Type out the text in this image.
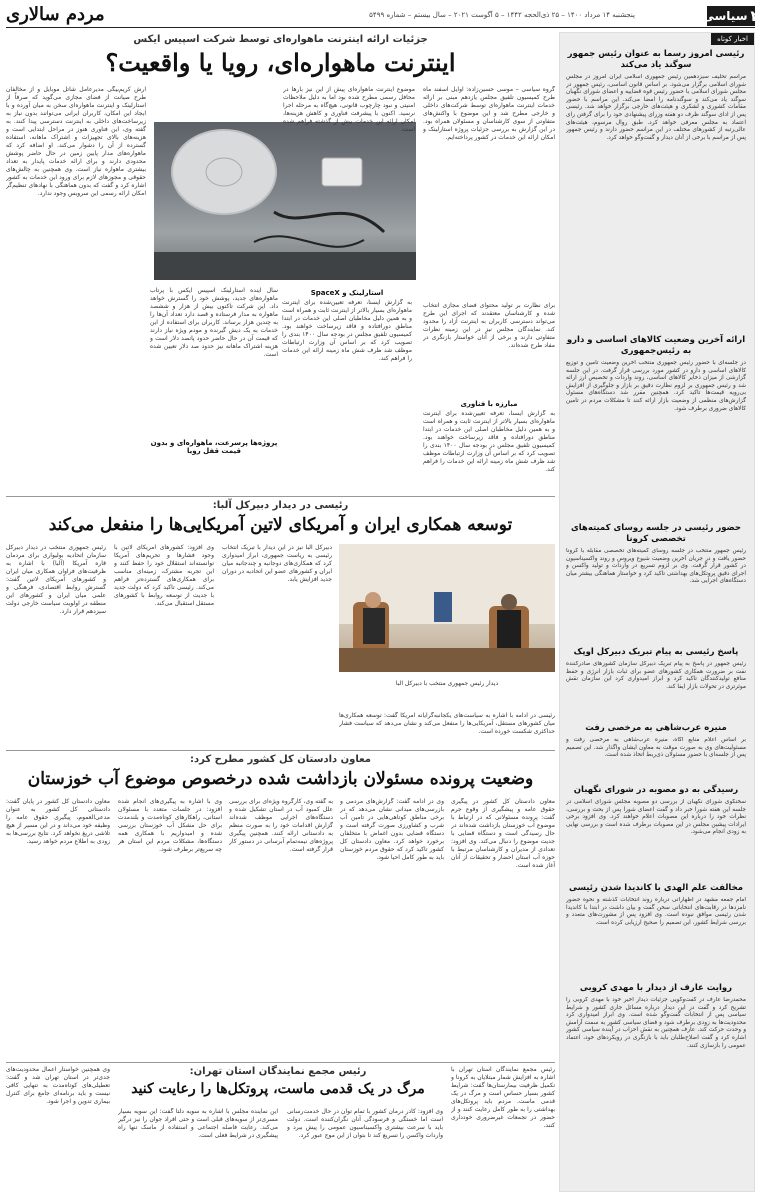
۲
سیاسی
پنجشنبه ۱۴ مرداد ۱۴۰۰ – ۲۵ ذی‌الحجه ۱۴۴۲ – ۵ آگوست ۲۰۲۱ – سال بیستم – شماره ۵۴۹۹
مردم سالاری
اخبار کوتاه
رئیسی امروز رسما به عنوان رئیس جمهور سوگند یاد می‌کند
مراسم تحلیف سیزدهمین رئیس جمهوری اسلامی ایران امروز در مجلس شورای اسلامی برگزار می‌شود. بر اساس قانون اساسی، رئیس جمهور در مجلس شورای اسلامی با حضور رئیس قوه قضاییه و اعضای شورای نگهبان سوگند یاد می‌کند و سوگندنامه را امضا می‌کند. این مراسم با حضور مقامات کشوری و لشکری و هیئت‌های خارجی برگزار خواهد شد. رئیسی پس از ادای سوگند ظرف دو هفته وزرای پیشنهادی خود را برای گرفتن رای اعتماد به مجلس معرفی خواهد کرد. طبق روال مرسوم، هیئت‌های عالی‌رتبه از کشورهای مختلف در این مراسم حضور دارند و رئیس جمهور پس از مراسم با برخی از آنان دیدار و گفت‌وگو خواهد کرد.
ارائه آخرین وضعیت کالاهای اساسی و دارو به رئیس‌جمهوری
در جلسه‌ای با حضور رئیس جمهوری منتخب آخرین وضعیت تامین و توزیع کالاهای اساسی و دارو در کشور مورد بررسی قرار گرفت. در این جلسه گزارشی از میزان ذخایر کالاهای اساسی، روند واردات و تخصیص ارز ارائه شد و رئیس جمهوری بر لزوم نظارت دقیق بر بازار و جلوگیری از افزایش بی‌رویه قیمت‌ها تاکید کرد. همچنین مقرر شد دستگاه‌های مسئول گزارش‌های منظمی از وضعیت بازار ارائه کنند تا مشکلات مردم در تامین کالاهای ضروری برطرف شود.
حضور رئیسی در جلسه روسای کمیته‌های تخصصی کرونا
رئیس جمهور منتخب در جلسه روسای کمیته‌های تخصصی مقابله با کرونا حضور یافت و در جریان آخرین وضعیت شیوع ویروس و روند واکسیناسیون در کشور قرار گرفت. وی بر لزوم تسریع در واردات و تولید واکسن و اجرای دقیق پروتکل‌های بهداشتی تاکید کرد و خواستار هماهنگی بیشتر میان دستگاه‌های اجرایی شد.
پاسخ رئیسی به پیام تبریک دبیرکل اوپک
رئیس جمهور در پاسخ به پیام تبریک دبیرکل سازمان کشورهای صادرکننده نفت بر ضرورت همکاری کشورهای عضو برای ثبات بازار انرژی و حفظ منافع تولیدکنندگان تاکید کرد و ابراز امیدواری کرد این سازمان نقش موثرتری در تحولات بازار ایفا کند.
منیره عرب‌شاهی به مرخصی رفت
بر اساس اعلام منابع آگاه، منیره عرب‌شاهی به مرخصی رفت و مسئولیت‌های وی به صورت موقت به معاون ایشان واگذار شد. این تصمیم پس از جلسه‌ای با حضور مسئولان ذی‌ربط اتخاذ شده است.
رسیدگی به دو مصوبه در شورای نگهبان
سخنگوی شورای نگهبان از بررسی دو مصوبه مجلس شورای اسلامی در جلسه این هفته شورا خبر داد و گفت اعضای شورا پس از بحث و بررسی، نظرات خود را درباره این مصوبات اعلام خواهند کرد. وی افزود برخی ایرادات پیشین مجلس در این مصوبات برطرف شده است و بررسی نهایی به زودی انجام می‌شود.
مخالفت علم الهدی با کاندیدا شدن رئیسی
امام جمعه مشهد در اظهاراتی درباره روند انتخابات گذشته و نحوه حضور نامزدها در رقابت‌های انتخاباتی سخن گفت و بیان داشت در ابتدا با کاندیدا شدن رئیسی موافق نبوده است. وی افزود پس از مشورت‌های متعدد و بررسی شرایط کشور، این تصمیم را صحیح ارزیابی کرده است.
روایت عارف از دیدار با مهدی کروبی
محمدرضا عارف در گفت‌وگویی جزئیات دیدار اخیر خود با مهدی کروبی را تشریح کرد و گفت در این دیدار درباره مسائل جاری کشور و شرایط سیاسی پس از انتخابات گفت‌وگو شده است. وی ابراز امیدواری کرد محدودیت‌ها به زودی برطرف شود و فضای سیاسی کشور به سمت آرامش و وحدت حرکت کند. عارف همچنین به نقش احزاب در آینده سیاسی کشور اشاره کرد و گفت اصلاح‌طلبان باید با بازنگری در رویکردهای خود، اعتماد عمومی را بازسازی کنند.
جزئیات ارائه اینترنت ماهواره‌ای توسط شرکت اسپیس ایکس
اینترنت ماهواره‌ای، رویا یا واقعیت؟
گروه سیاسی – موسی حسین‌زاده: اوایل اسفند ماه طرح کمیسیون تلفیق مجلس یازدهم مبنی بر ارائه خدمات اینترنت ماهواره‌ای توسط شرکت‌های داخلی و خارجی مطرح شد و این موضوع با واکنش‌های متفاوتی از سوی کارشناسان و مسئولان همراه بود. در این گزارش به بررسی جزئیات پروژه استارلینک و امکان ارائه این خدمات در کشور پرداخته‌ایم.
آرش کریم‌بیگی مدیرعامل شاتل موبایل و از مخالفان طرح صیانت از فضای مجازی می‌گوید که صرفاً از استارلینک و اینترنت ماهواره‌ای سخن به میان آورده و با ایجاد این امکان، کاربران ایرانی می‌توانند بدون نیاز به زیرساخت‌های داخلی به اینترنت دسترسی پیدا کنند. به گفته وی، این فناوری هنوز در مراحل ابتدایی است و هزینه‌های بالای تجهیزات و اشتراک ماهانه، استفاده گسترده از آن را دشوار می‌کند. او اضافه کرد که ماهواره‌های مدار پایین زمین در حال حاضر پوشش محدودی دارند و برای ارائه خدمات پایدار به تعداد بیشتری ماهواره نیاز است. وی همچنین به چالش‌های حقوقی و مجوزهای لازم برای ورود این خدمات به کشور اشاره کرد و گفت که بدون هماهنگی با نهادهای تنظیم‌گر امکان ارائه رسمی این سرویس وجود ندارد.
موضوع اینترنت ماهواره‌ای پیش از این نیز بارها در محافل رسمی مطرح شده بود اما به دلیل ملاحظات امنیتی و نبود چارچوب قانونی، هیچ‌گاه به مرحله اجرا نرسید. اکنون با پیشرفت فناوری و کاهش هزینه‌ها، امکان ارائه این خدمات بیش از گذشته فراهم شده است.
برای نظارت بر تولید محتوای فضای مجازی انتخاب شده و کارشناسان معتقدند که اجرای این طرح می‌تواند دسترسی کاربران به اینترنت آزاد را محدود کند. نمایندگان مجلس نیز در این زمینه نظرات متفاوتی دارند و برخی از آنان خواستار بازنگری در مفاد طرح شده‌اند.
مبارزه با فناوری
به گزارش ایسنا، تعرفه تعیین‌شده برای اینترنت ماهواره‌ای بسیار بالاتر از اینترنت ثابت و همراه است و به همین دلیل مخاطبان اصلی این خدمات در ابتدا مناطق دورافتاده و فاقد زیرساخت خواهند بود. کمیسیون تلفیق مجلس در بودجه سال ۱۴۰۰ بندی را تصویب کرد که بر اساس آن وزارت ارتباطات موظف شد ظرف شش ماه زمینه ارائه این خدمات را فراهم کند.
استارلینک و SpaceX
به گزارش ایسنا، تعرفه تعیین‌شده برای اینترنت ماهواره‌ای بسیار بالاتر از اینترنت ثابت و همراه است و به همین دلیل مخاطبان اصلی این خدمات در ابتدا مناطق دورافتاده و فاقد زیرساخت خواهند بود. کمیسیون تلفیق مجلس در بودجه سال ۱۴۰۰ بندی را تصویب کرد که بر اساس آن وزارت ارتباطات موظف شد ظرف شش ماه زمینه ارائه این خدمات را فراهم کند.
سال آینده استارلینک اسپیس ایکس با پرتاب ماهواره‌های جدید، پوشش خود را گسترش خواهد داد. این شرکت تاکنون بیش از هزار و ششصد ماهواره به مدار فرستاده و قصد دارد تعداد آن‌ها را به چندین هزار برساند. کاربران برای استفاده از این خدمات به یک دیش گیرنده و مودم ویژه نیاز دارند که قیمت آن در حال حاضر حدود پانصد دلار است و هزینه اشتراک ماهانه نیز حدود صد دلار تعیین شده است.
پروژه‌ها پرسرعت، ماهواره‌ای و بدون قیمت قفل رویا
رئیسی در دیدار دبیرکل آلبا:
توسعه همکاری ایران و آمریکای لاتین آمریکایی‌ها را منفعل می‌کند
دیدار رئیس جمهوری منتخب با دبیرکل آلبا
رئیس جمهوری منتخب در دیدار دبیرکل سازمان اتحادیه بولیواری برای مردمان قاره آمریکا (آلبا) با اشاره به ظرفیت‌های فراوان همکاری میان ایران و کشورهای آمریکای لاتین گفت: گسترش روابط اقتصادی، فرهنگی و علمی میان ایران و کشورهای این منطقه در اولویت سیاست خارجی دولت سیزدهم قرار دارد.
وی افزود: کشورهای آمریکای لاتین با وجود فشارها و تحریم‌های آمریکا توانسته‌اند استقلال خود را حفظ کنند و این تجربه مشترک، زمینه‌ای مناسب برای همکاری‌های گسترده‌تر فراهم می‌کند. رئیسی تاکید کرد که دولت جدید با جدیت از توسعه روابط با کشورهای مستقل استقبال می‌کند.
دبیرکل آلبا نیز در این دیدار با تبریک انتخاب رئیسی به ریاست جمهوری، ابراز امیدواری کرد که همکاری‌های دوجانبه و چندجانبه میان ایران و کشورهای عضو این اتحادیه در دوران جدید افزایش یابد.
رئیسی در ادامه با اشاره به سیاست‌های یکجانبه‌گرایانه آمریکا گفت: توسعه همکاری‌ها میان کشورهای مستقل، آمریکایی‌ها را منفعل می‌کند و نشان می‌دهد که سیاست فشار حداکثری شکست خورده است.
معاون دادستان کل کشور مطرح کرد:
وضعیت پرونده مسئولان بازداشت شده درخصوص موضوع آب خوزستان
معاون دادستان کل کشور در پیگیری حقوق عامه و پیشگیری از وقوع جرم گفت: پرونده مسئولانی که در ارتباط با موضوع آب خوزستان بازداشت شده‌اند در حال رسیدگی است و دستگاه قضایی با جدیت موضوع را دنبال می‌کند. وی افزود: تعدادی از مدیران و کارشناسان مرتبط با حوزه آب استان احضار و تحقیقات از آنان آغاز شده است.
وی در ادامه گفت: گزارش‌های مردمی و بازرسی‌های میدانی نشان می‌دهد که در برخی مناطق کوتاهی‌هایی در تامین آب شرب و کشاورزی صورت گرفته است و دستگاه قضایی بدون اغماض با متخلفان برخورد خواهد کرد. معاون دادستان کل کشور تاکید کرد که حقوق مردم خوزستان باید به طور کامل احیا شود.
به گفته وی، کارگروه ویژه‌ای برای بررسی علل کمبود آب در استان تشکیل شده و دستگاه‌های اجرایی موظف شده‌اند گزارش اقدامات خود را به صورت منظم به دادستانی ارائه کنند. همچنین پیگیری پروژه‌های نیمه‌تمام آبرسانی در دستور کار قرار گرفته است.
وی با اشاره به پیگیری‌های انجام شده افزود: در جلسات متعدد با مسئولان استانی، راهکارهای کوتاه‌مدت و بلندمدت برای حل مشکل آب خوزستان بررسی شده و امیدواریم با همکاری همه دستگاه‌ها، مشکلات مردم این استان هر چه سریع‌تر برطرف شود.
معاون دادستان کل کشور در پایان گفت: دادستانی کل کشور به عنوان مدعی‌العموم، پیگیری حقوق عامه را وظیفه خود می‌داند و در این مسیر از هیچ تلاشی دریغ نخواهد کرد. نتایج بررسی‌ها به زودی به اطلاع مردم خواهد رسید.
رئیس مجمع نمایندگان استان تهران:
مرگ در یک قدمی ماست، پروتکل‌ها را رعایت کنید
رئیس مجمع نمایندگان استان تهران با اشاره به افزایش شمار مبتلایان به کرونا و تکمیل ظرفیت بیمارستان‌ها گفت: شرایط کشور بسیار حساس است و مرگ در یک قدمی ماست. مردم باید پروتکل‌های بهداشتی را به طور کامل رعایت کنند و از حضور در تجمعات غیرضروری خودداری کنند.
وی افزود: کادر درمان کشور با تمام توان در حال خدمت‌رسانی است اما خستگی و فرسودگی آنان نگران‌کننده است. دولت باید با سرعت بیشتری واکسیناسیون عمومی را پیش ببرد و واردات واکسن را تسریع کند تا بتوان از این موج عبور کرد.
این نماینده مجلس با اشاره به سویه دلتا گفت: این سویه بسیار مسری‌تر از سویه‌های قبلی است و حتی افراد جوان را نیز درگیر می‌کند. رعایت فاصله اجتماعی و استفاده از ماسک تنها راه پیشگیری در شرایط فعلی است.
وی همچنین خواستار اعمال محدودیت‌های جدی‌تر در استان تهران شد و گفت: تعطیلی‌های کوتاه‌مدت به تنهایی کافی نیست و باید برنامه‌ای جامع برای کنترل بیماری تدوین و اجرا شود.
